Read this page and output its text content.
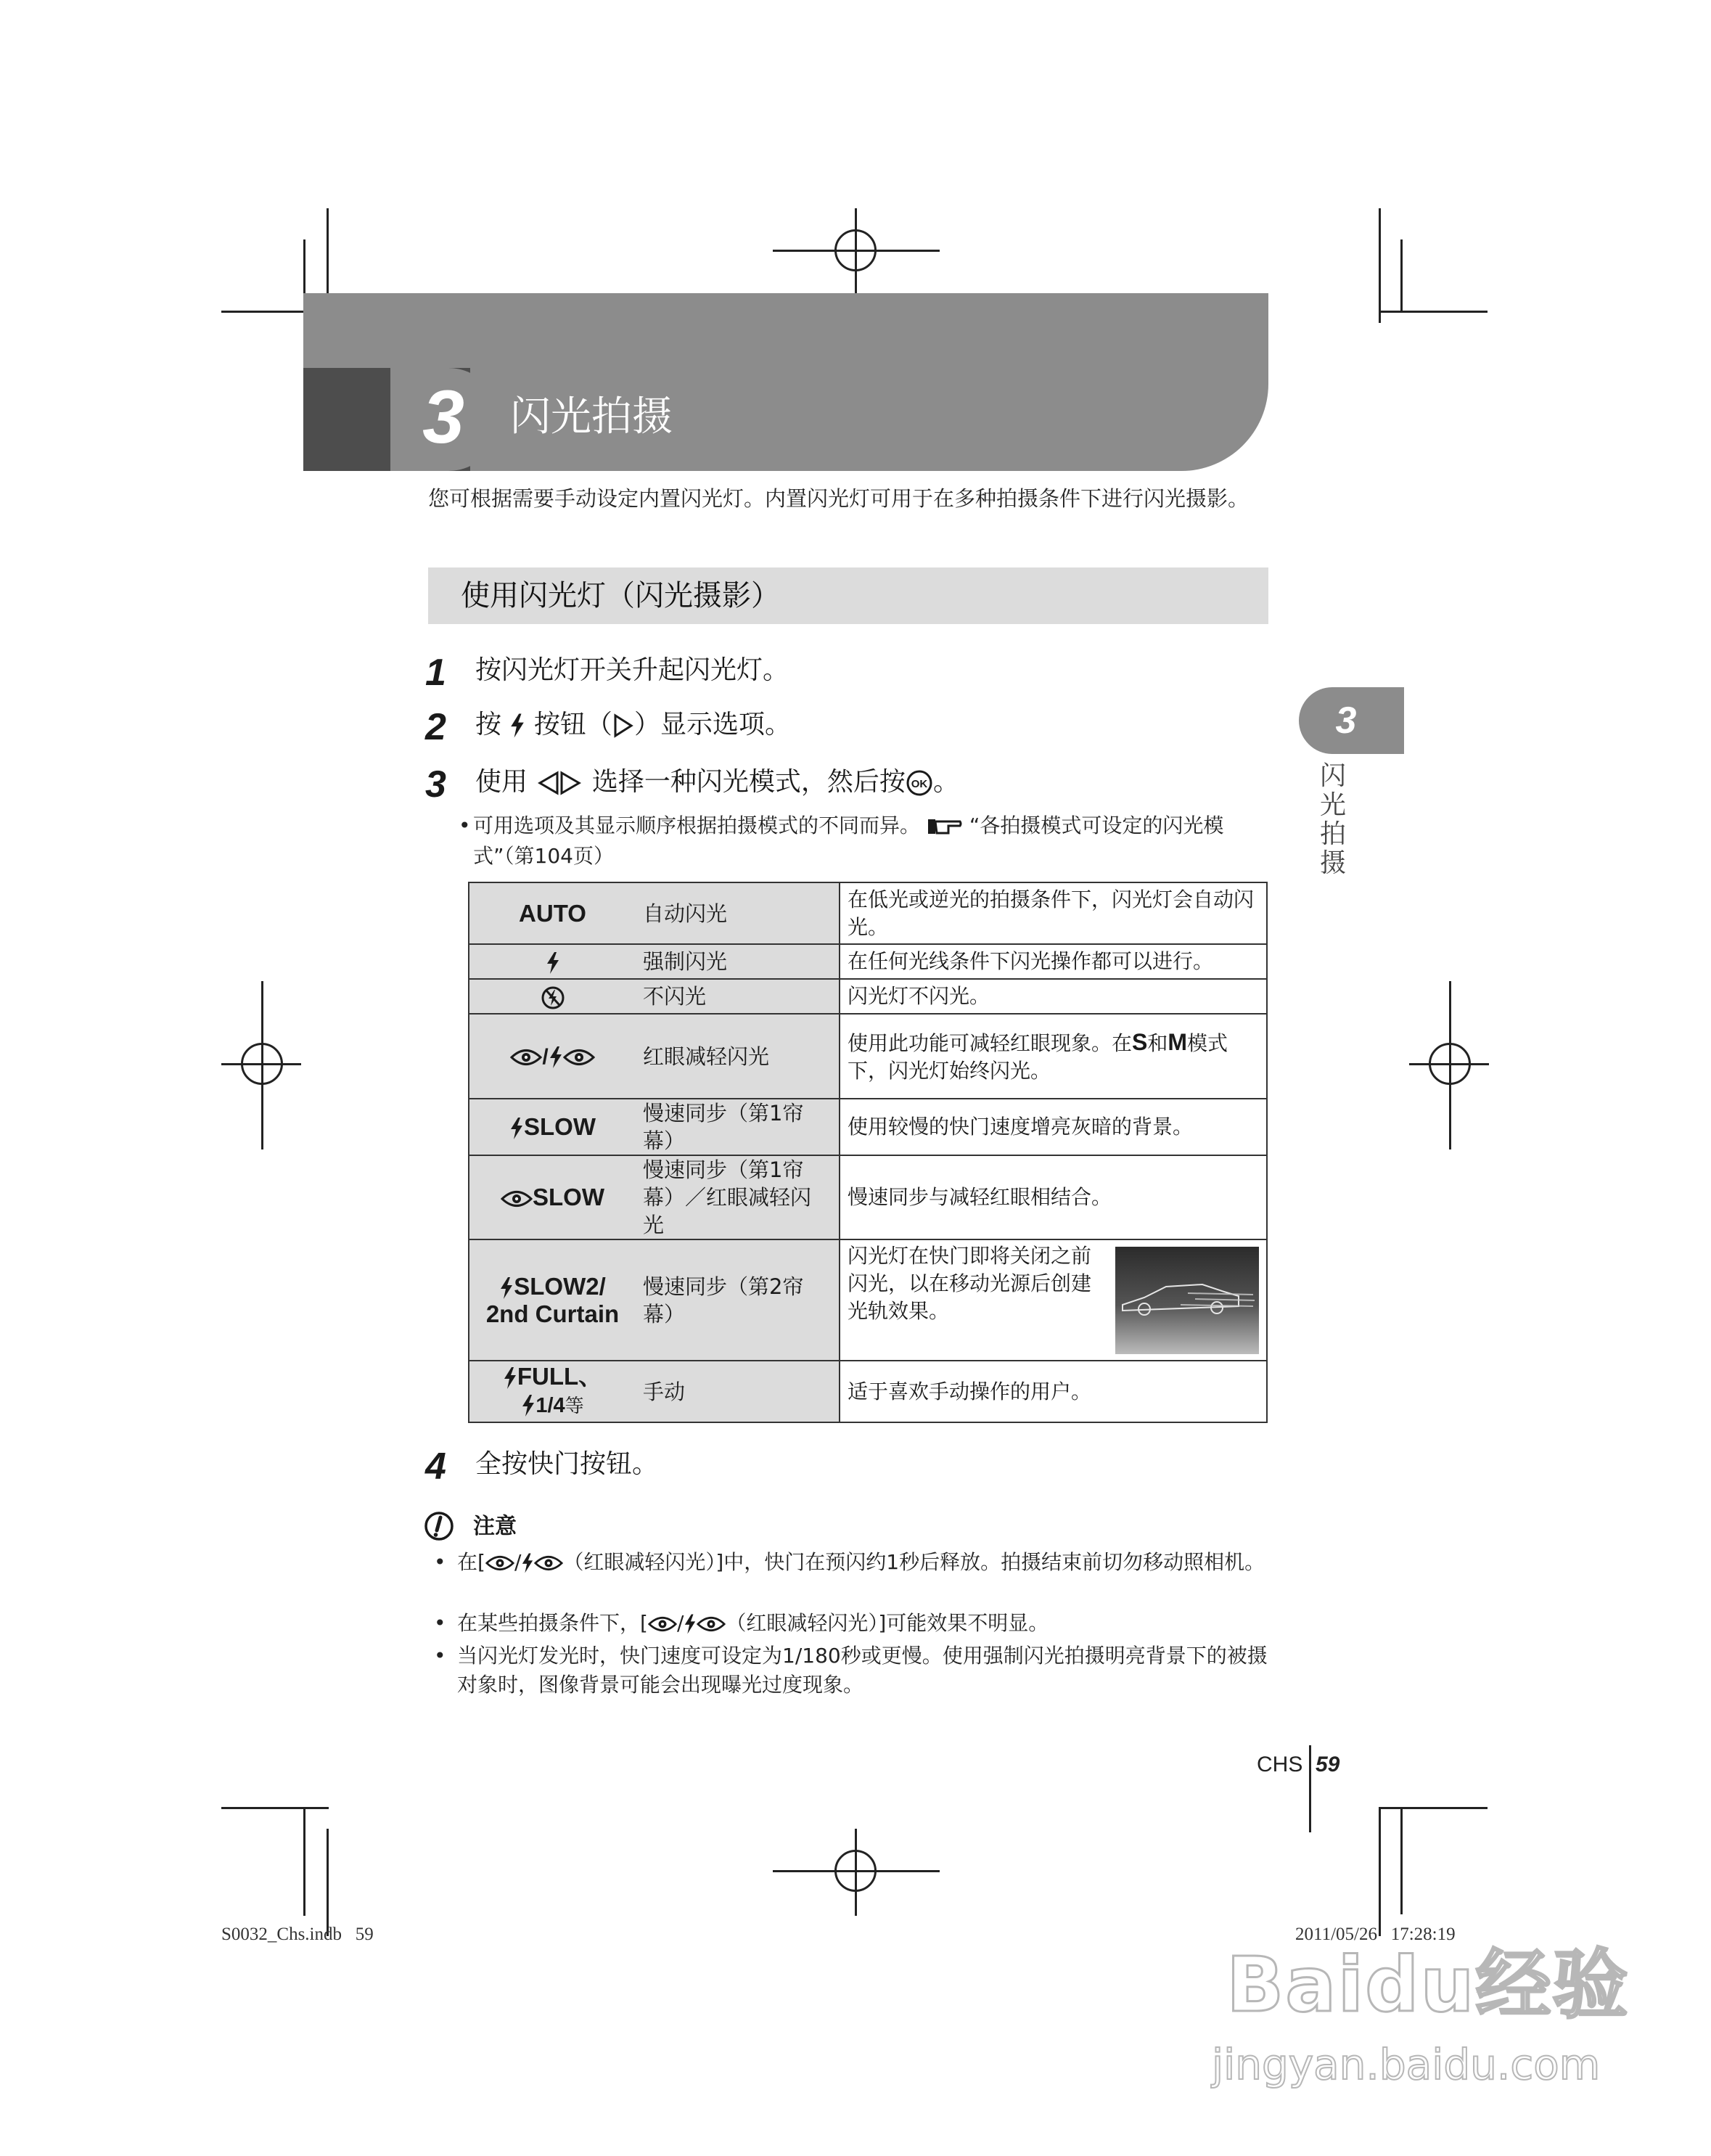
3 闪光拍摄
您可根据需要手动设定内置闪光灯。内置闪光灯可用于在多种拍摄条件下进行闪光摄影。
使用闪光灯（闪光摄影）
1 按闪光灯开关升起闪光灯。
2 按 按钮（ ）显示选项。
3 使用 选择一种闪光模式，然后按 OK 。
• 可用选项及其显示顺序根据拍摄模式的不同而异。 “各拍摄模式可设定的闪光模式”（第104页）
AUTO	自动闪光	在低光或逆光的拍摄条件下，闪光灯会自动闪光。
	强制闪光	在任何光线条件下闪光操作都可以进行。
	不闪光	闪光灯不闪光。
/	红眼减轻闪光	使用此功能可减轻红眼现象。在S和M模式下，闪光灯始终闪光。
SLOW	慢速同步（第1帘幕）	使用较慢的快门速度增亮灰暗的背景。
SLOW	慢速同步（第1帘幕）／红眼减轻闪光	慢速同步与减轻红眼相结合。
SLOW2/
2nd Curtain	慢速同步（第2帘幕）	闪光灯在快门即将关闭之前闪光，以在移动光源后创建光轨效果。
FULL、
1/4等	手动	适于喜欢手动操作的用户。
4 全按快门按钮。
注意
• 在[ / （红眼减轻闪光）]中，快门在预闪约1秒后释放。拍摄结束前切勿移动照相机。
• 在某些拍摄条件下，[ / （红眼减轻闪光）]可能效果不明显。
• 当闪光灯发光时，快门速度可设定为1/180秒或更慢。使用强制闪光拍摄明亮背景下的被摄对象时，图像背景可能会出现曝光过度现象。
3
闪光拍摄
CHS 59
S0032_Chs.indb   59	2011/05/26   17:28:19
Baidu经验
jingyan.baidu.com
